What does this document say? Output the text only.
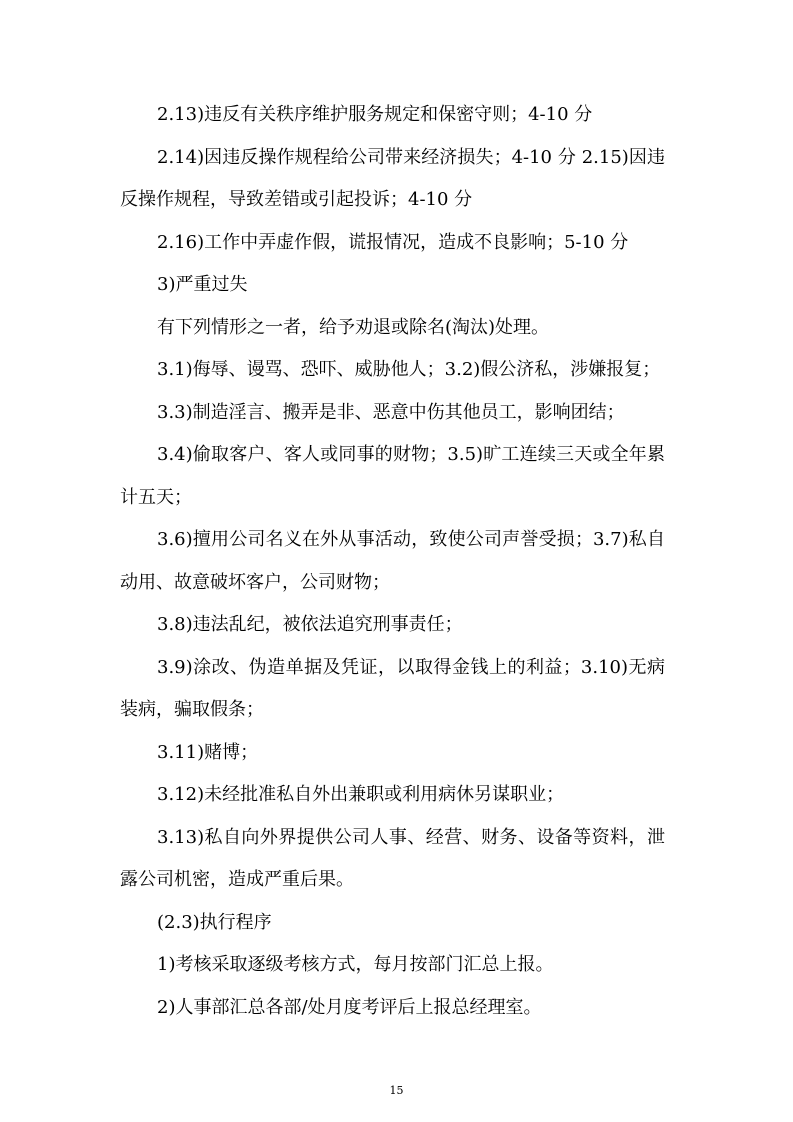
2.13)违反有关秩序维护服务规定和保密守则；4-10 分

2.14)因违反操作规程给公司带来经济损失；4-10 分 2.15)因违反操作规程，导致差错或引起投诉；4-10 分

2.16)工作中弄虚作假，谎报情况，造成不良影响；5-10 分

3)严重过失

有下列情形之一者，给予劝退或除名(淘汰)处理。

3.1)侮辱、谩骂、恐吓、威胁他人；3.2)假公济私，涉嫌报复；

3.3)制造淫言、搬弄是非、恶意中伤其他员工，影响团结；

3.4)偷取客户、客人或同事的财物；3.5)旷工连续三天或全年累计五天；

3.6)擅用公司名义在外从事活动，致使公司声誉受损；3.7)私自动用、故意破坏客户，公司财物；

3.8)违法乱纪，被依法追究刑事责任；

3.9)涂改、伪造单据及凭证，以取得金钱上的利益；3.10)无病装病，骗取假条；

3.11)赌博；

3.12)未经批准私自外出兼职或利用病休另谋职业；

3.13)私自向外界提供公司人事、经营、财务、设备等资料，泄露公司机密，造成严重后果。

(2.3)执行程序

1)考核采取逐级考核方式，每月按部门汇总上报。

2)人事部汇总各部/处月度考评后上报总经理室。

15
